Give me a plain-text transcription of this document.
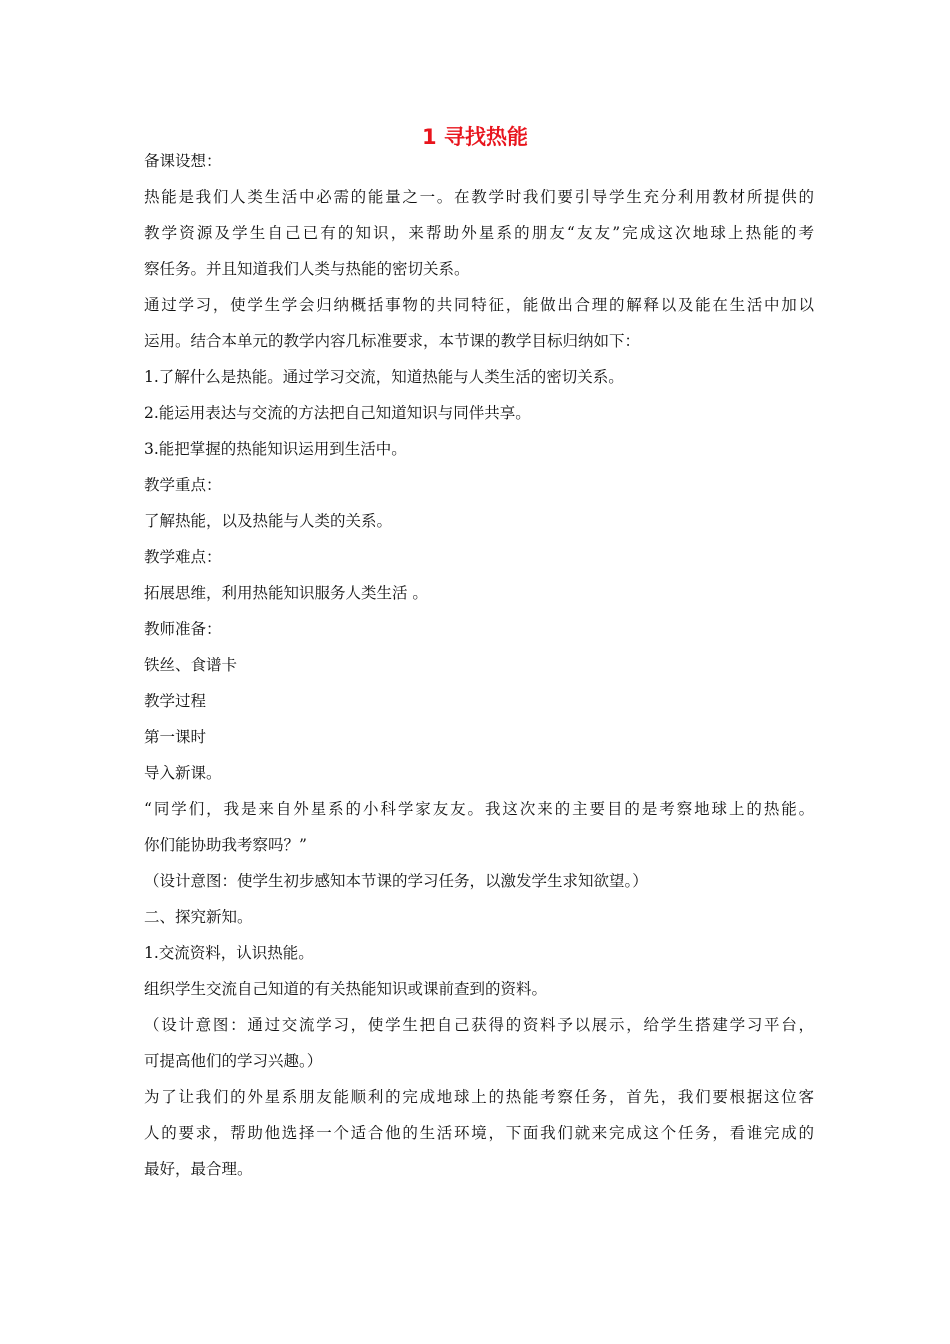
1 寻找热能

备课设想：

热能是我们人类生活中必需的能量之一。在教学时我们要引导学生充分利用教材所提供的

教学资源及学生自己已有的知识，来帮助外星系的朋友“友友”完成这次地球上热能的考

察任务。并且知道我们人类与热能的密切关系。

通过学习，使学生学会归纳概括事物的共同特征，能做出合理的解释以及能在生活中加以

运用。结合本单元的教学内容几标准要求，本节课的教学目标归纳如下：

1.了解什么是热能。通过学习交流，知道热能与人类生活的密切关系。

2.能运用表达与交流的方法把自己知道知识与同伴共享。

3.能把掌握的热能知识运用到生活中。

教学重点：

了解热能，以及热能与人类的关系。

教学难点：

拓展思维，利用热能知识服务人类生活 。

教师准备：

铁丝、食谱卡

教学过程

第一课时

导入新课。

“同学们，我是来自外星系的小科学家友友。我这次来的主要目的是考察地球上的热能。

你们能协助我考察吗？”

（设计意图：使学生初步感知本节课的学习任务，以激发学生求知欲望。）

二、探究新知。

1.交流资料，认识热能。

组织学生交流自己知道的有关热能知识或课前查到的资料。

（设计意图：通过交流学习，使学生把自己获得的资料予以展示，给学生搭建学习平台，

可提高他们的学习兴趣。）

为了让我们的外星系朋友能顺利的完成地球上的热能考察任务，首先，我们要根据这位客

人的要求，帮助他选择一个适合他的生活环境，下面我们就来完成这个任务，看谁完成的

最好，最合理。
